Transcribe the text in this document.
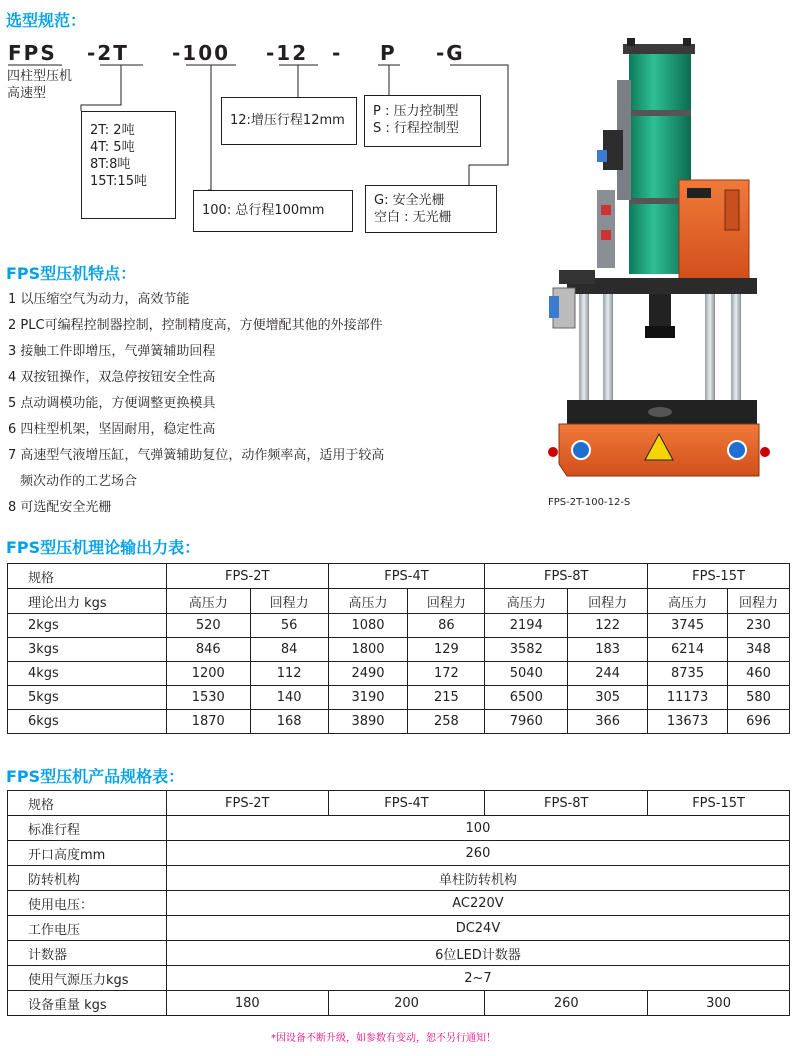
选型规范：
FPS -2T -100 -12 - P -G
四柱型压机
高速型
2T: 2吨
4T: 5吨
8T:8吨
15T:15吨
100: 总行程100mm
12:增压行程12mm
P : 压力控制型
S : 行程控制型
G: 安全光栅
空白 : 无光栅
FPS-2T-100-12-S
FPS型压机特点：
1 以压缩空气为动力，高效节能
2 PLC可编程控制器控制，控制精度高，方便增配其他的外接部件
3 接触工件即增压，气弹簧辅助回程
4 双按钮操作，双急停按钮安全性高
5 点动调模功能，方便调整更换模具
6 四柱型机架，坚固耐用，稳定性高
7 高速型气液增压缸，气弹簧辅助复位，动作频率高，适用于较高
频次动作的工艺场合
8 可选配安全光栅
FPS型压机理论输出力表：
规格	FPS-2T		FPS-4T		FPS-8T		FPS-15T	
理论出力 kgs	高压力	回程力	高压力	回程力	高压力	回程力	高压力	回程力
2kgs	520	56	1080	86	2194	122	3745	230
3kgs	846	84	1800	129	3582	183	6214	348
4kgs	1200	112	2490	172	5040	244	8735	460
5kgs	1530	140	3190	215	6500	305	11173	580
6kgs	1870	168	3890	258	7960	366	13673	696
FPS型压机产品规格表：
规格	FPS-2T	FPS-4T	FPS-8T	FPS-15T
标准行程	100			
开口高度mm	260			
防转机构	单柱防转机构			
使用电压：	AC220V			
工作电压	DC24V			
计数器	6位LED计数器			
使用气源压力kgs	2~7			
设备重量 kgs	180	200	260	300
*因设备不断升级，如参数有变动，恕不另行通知！
